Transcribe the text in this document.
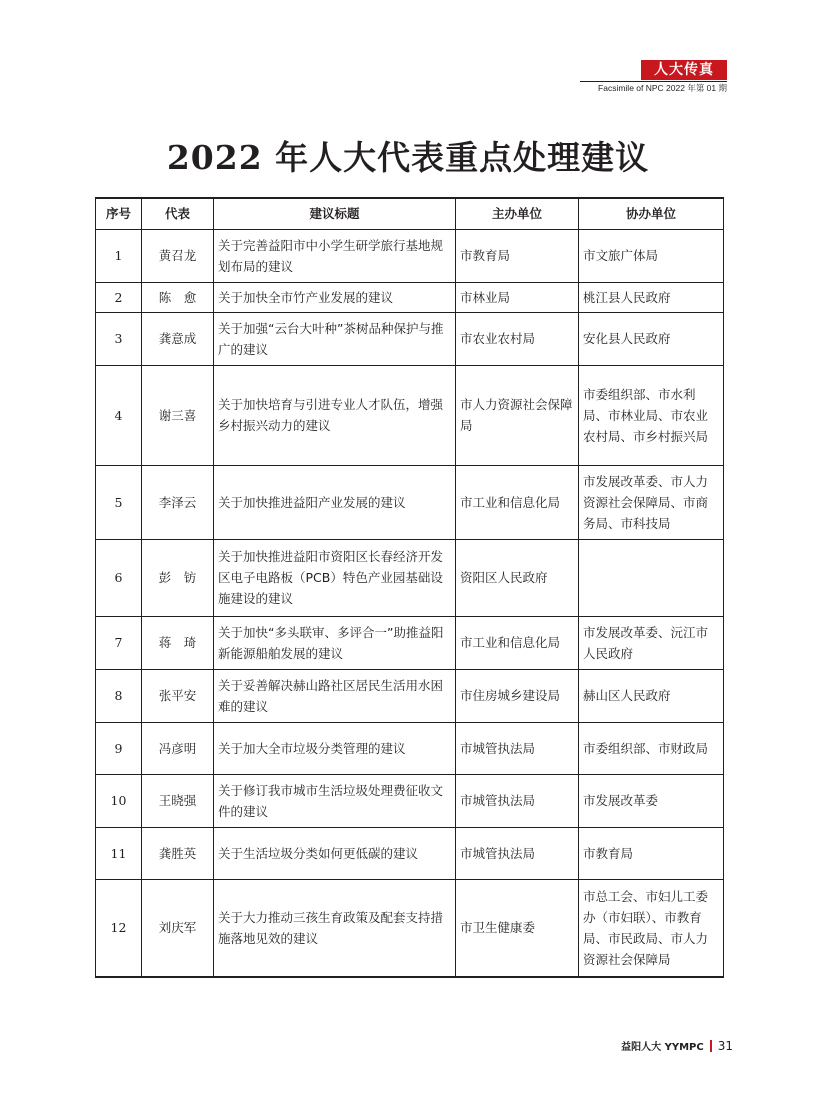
人大传真
Facsimile of NPC 2022 年第 01 期
2022 年人大代表重点处理建议
序号	代表	建议标题	主办单位	协办单位
1	黄召龙	关于完善益阳市中小学生研学旅行基地规划布局的建议	市教育局	市文旅广体局
2	陈　愈	关于加快全市竹产业发展的建议	市林业局	桃江县人民政府
3	龚意成	关于加强“云台大叶种”茶树品种保护与推广的建议	市农业农村局	安化县人民政府
4	谢三喜	关于加快培育与引进专业人才队伍，增强乡村振兴动力的建议	市人力资源社会保障局	市委组织部、市水利局、市林业局、市农业农村局、市乡村振兴局
5	李泽云	关于加快推进益阳产业发展的建议	市工业和信息化局	市发展改革委、市人力资源社会保障局、市商务局、市科技局
6	彭　钫	关于加快推进益阳市资阳区长春经济开发区电子电路板（PCB）特色产业园基础设施建设的建议	资阳区人民政府	
7	蒋　琦	关于加快“多头联审、多评合一”助推益阳新能源船舶发展的建议	市工业和信息化局	市发展改革委、沅江市人民政府
8	张平安	关于妥善解决赫山路社区居民生活用水困难的建议	市住房城乡建设局	赫山区人民政府
9	冯彦明	关于加大全市垃圾分类管理的建议	市城管执法局	市委组织部、市财政局
10	王晓强	关于修订我市城市生活垃圾处理费征收文件的建议	市城管执法局	市发展改革委
11	龚胜英	关于生活垃圾分类如何更低碳的建议	市城管执法局	市教育局
12	刘庆军	关于大力推动三孩生育政策及配套支持措施落地见效的建议	市卫生健康委	市总工会、市妇儿工委办（市妇联）、市教育局、市民政局、市人力资源社会保障局
益阳人大 YYMPC 31
